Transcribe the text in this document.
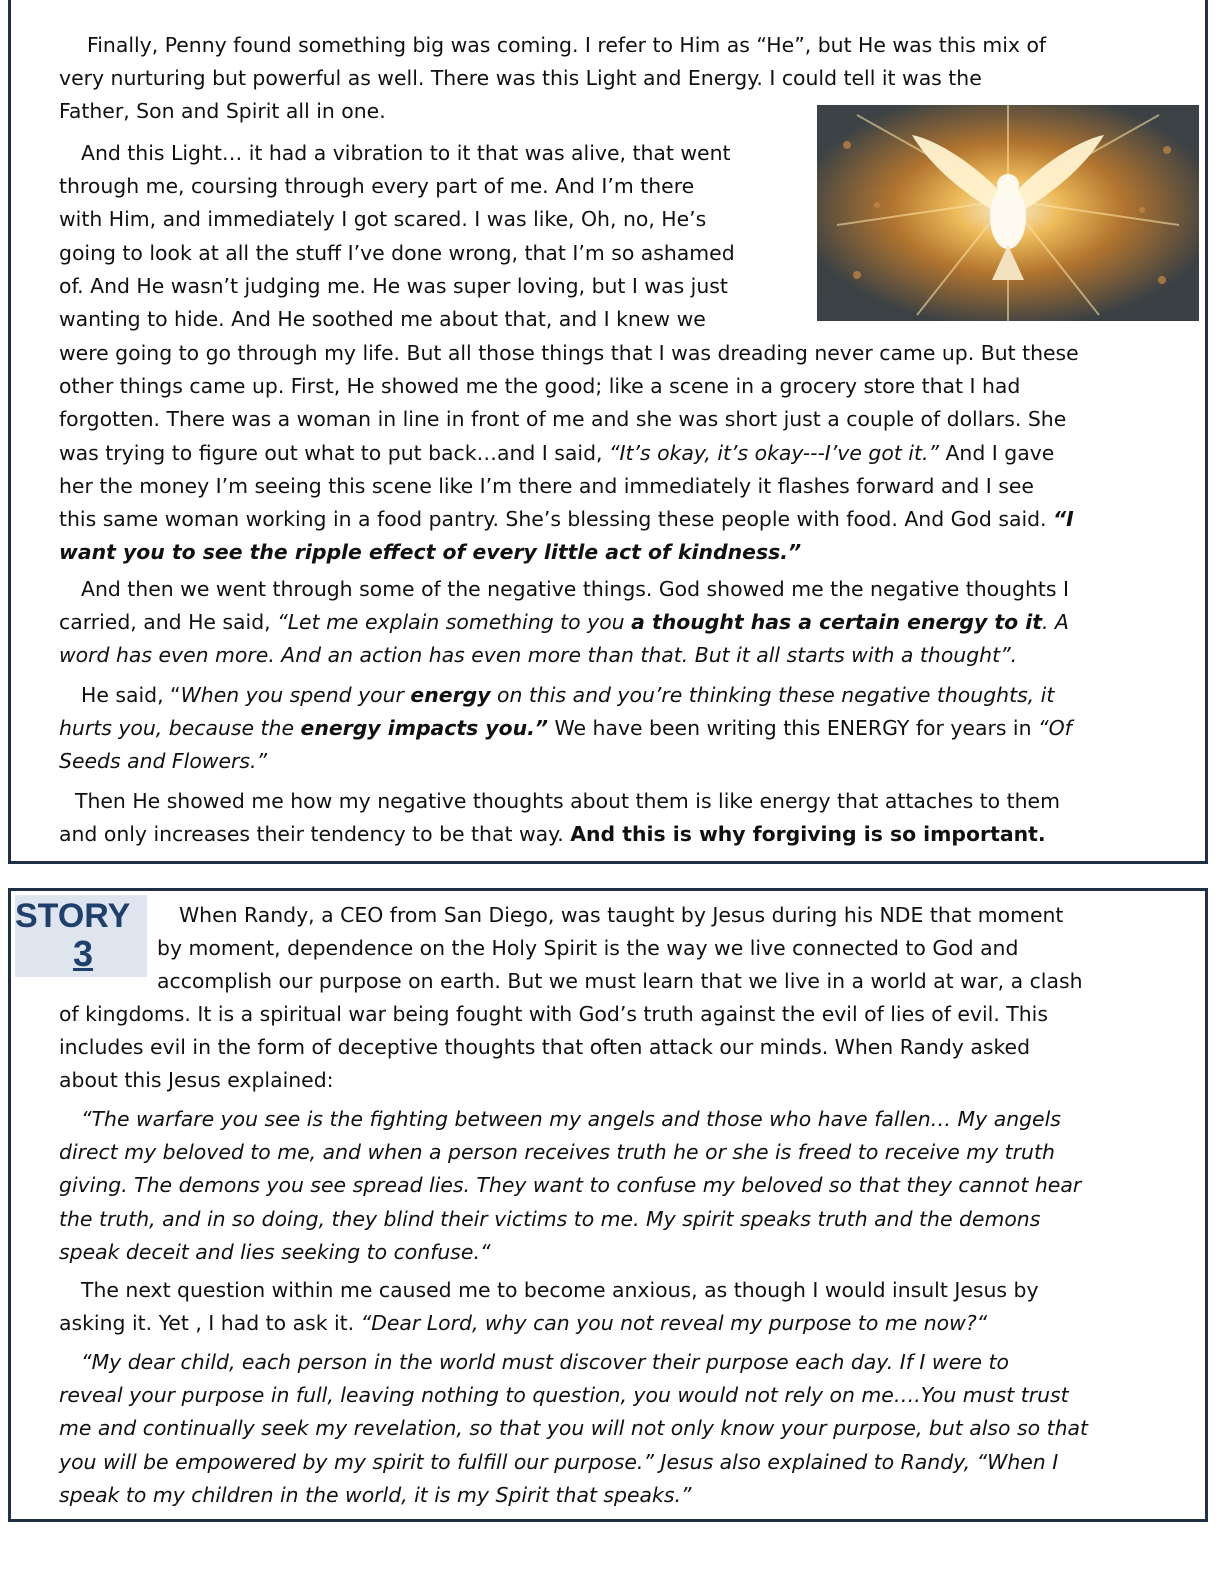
Finally, Penny found something big was coming. I refer to Him as “He”, but He was this mix of
very nurturing but powerful as well. There was this Light and Energy. I could tell it was the
Father, Son and Spirit all in one.

And this Light… it had a vibration to it that was alive, that went
through me, coursing through every part of me. And I’m there
with Him, and immediately I got scared. I was like, Oh, no, He’s
going to look at all the stuff I’ve done wrong, that I’m so ashamed
of. And He wasn’t judging me. He was super loving, but I was just
wanting to hide. And He soothed me about that, and I knew we

were going to go through my life. But all those things that I was dreading never came up. But these
other things came up. First, He showed me the good; like a scene in a grocery store that I had
forgotten. There was a woman in line in front of me and she was short just a couple of dollars. She
was trying to figure out what to put back…and I said, “It’s okay, it’s okay---I’ve got it.” And I gave
her the money I’m seeing this scene like I’m there and immediately it flashes forward and I see
this same woman working in a food pantry. She’s blessing these people with food. And God said. “I
want you to see the ripple effect of every little act of kindness.”

And then we went through some of the negative things. God showed me the negative thoughts I
carried, and He said, “Let me explain something to you a thought has a certain energy to it. A
word has even more. And an action has even more than that. But it all starts with a thought”.

He said, “When you spend your energy on this and you’re thinking these negative thoughts, it
hurts you, because the energy impacts you.” We have been writing this ENERGY for years in “Of
Seeds and Flowers.”

Then He showed me how my negative thoughts about them is like energy that attaches to them
and only increases their tendency to be that way. And this is why forgiving is so important.

STORY
3

When Randy, a CEO from San Diego, was taught by Jesus during his NDE that moment
by moment, dependence on the Holy Spirit is the way we live connected to God and
accomplish our purpose on earth. But we must learn that we live in a world at war, a clash

of kingdoms. It is a spiritual war being fought with God’s truth against the evil of lies of evil. This
includes evil in the form of deceptive thoughts that often attack our minds. When Randy asked
about this Jesus explained:

“The warfare you see is the fighting between my angels and those who have fallen… My angels
direct my beloved to me, and when a person receives truth he or she is freed to receive my truth
giving. The demons you see spread lies. They want to confuse my beloved so that they cannot hear
the truth, and in so doing, they blind their victims to me. My spirit speaks truth and the demons
speak deceit and lies seeking to confuse.“

The next question within me caused me to become anxious, as though I would insult Jesus by
asking it. Yet , I had to ask it. “Dear Lord, why can you not reveal my purpose to me now?“

“My dear child, each person in the world must discover their purpose each day. If I were to
reveal your purpose in full, leaving nothing to question, you would not rely on me….You must trust
me and continually seek my revelation, so that you will not only know your purpose, but also so that
you will be empowered by my spirit to fulfill our purpose.” Jesus also explained to Randy, “When I
speak to my children in the world, it is my Spirit that speaks.”
